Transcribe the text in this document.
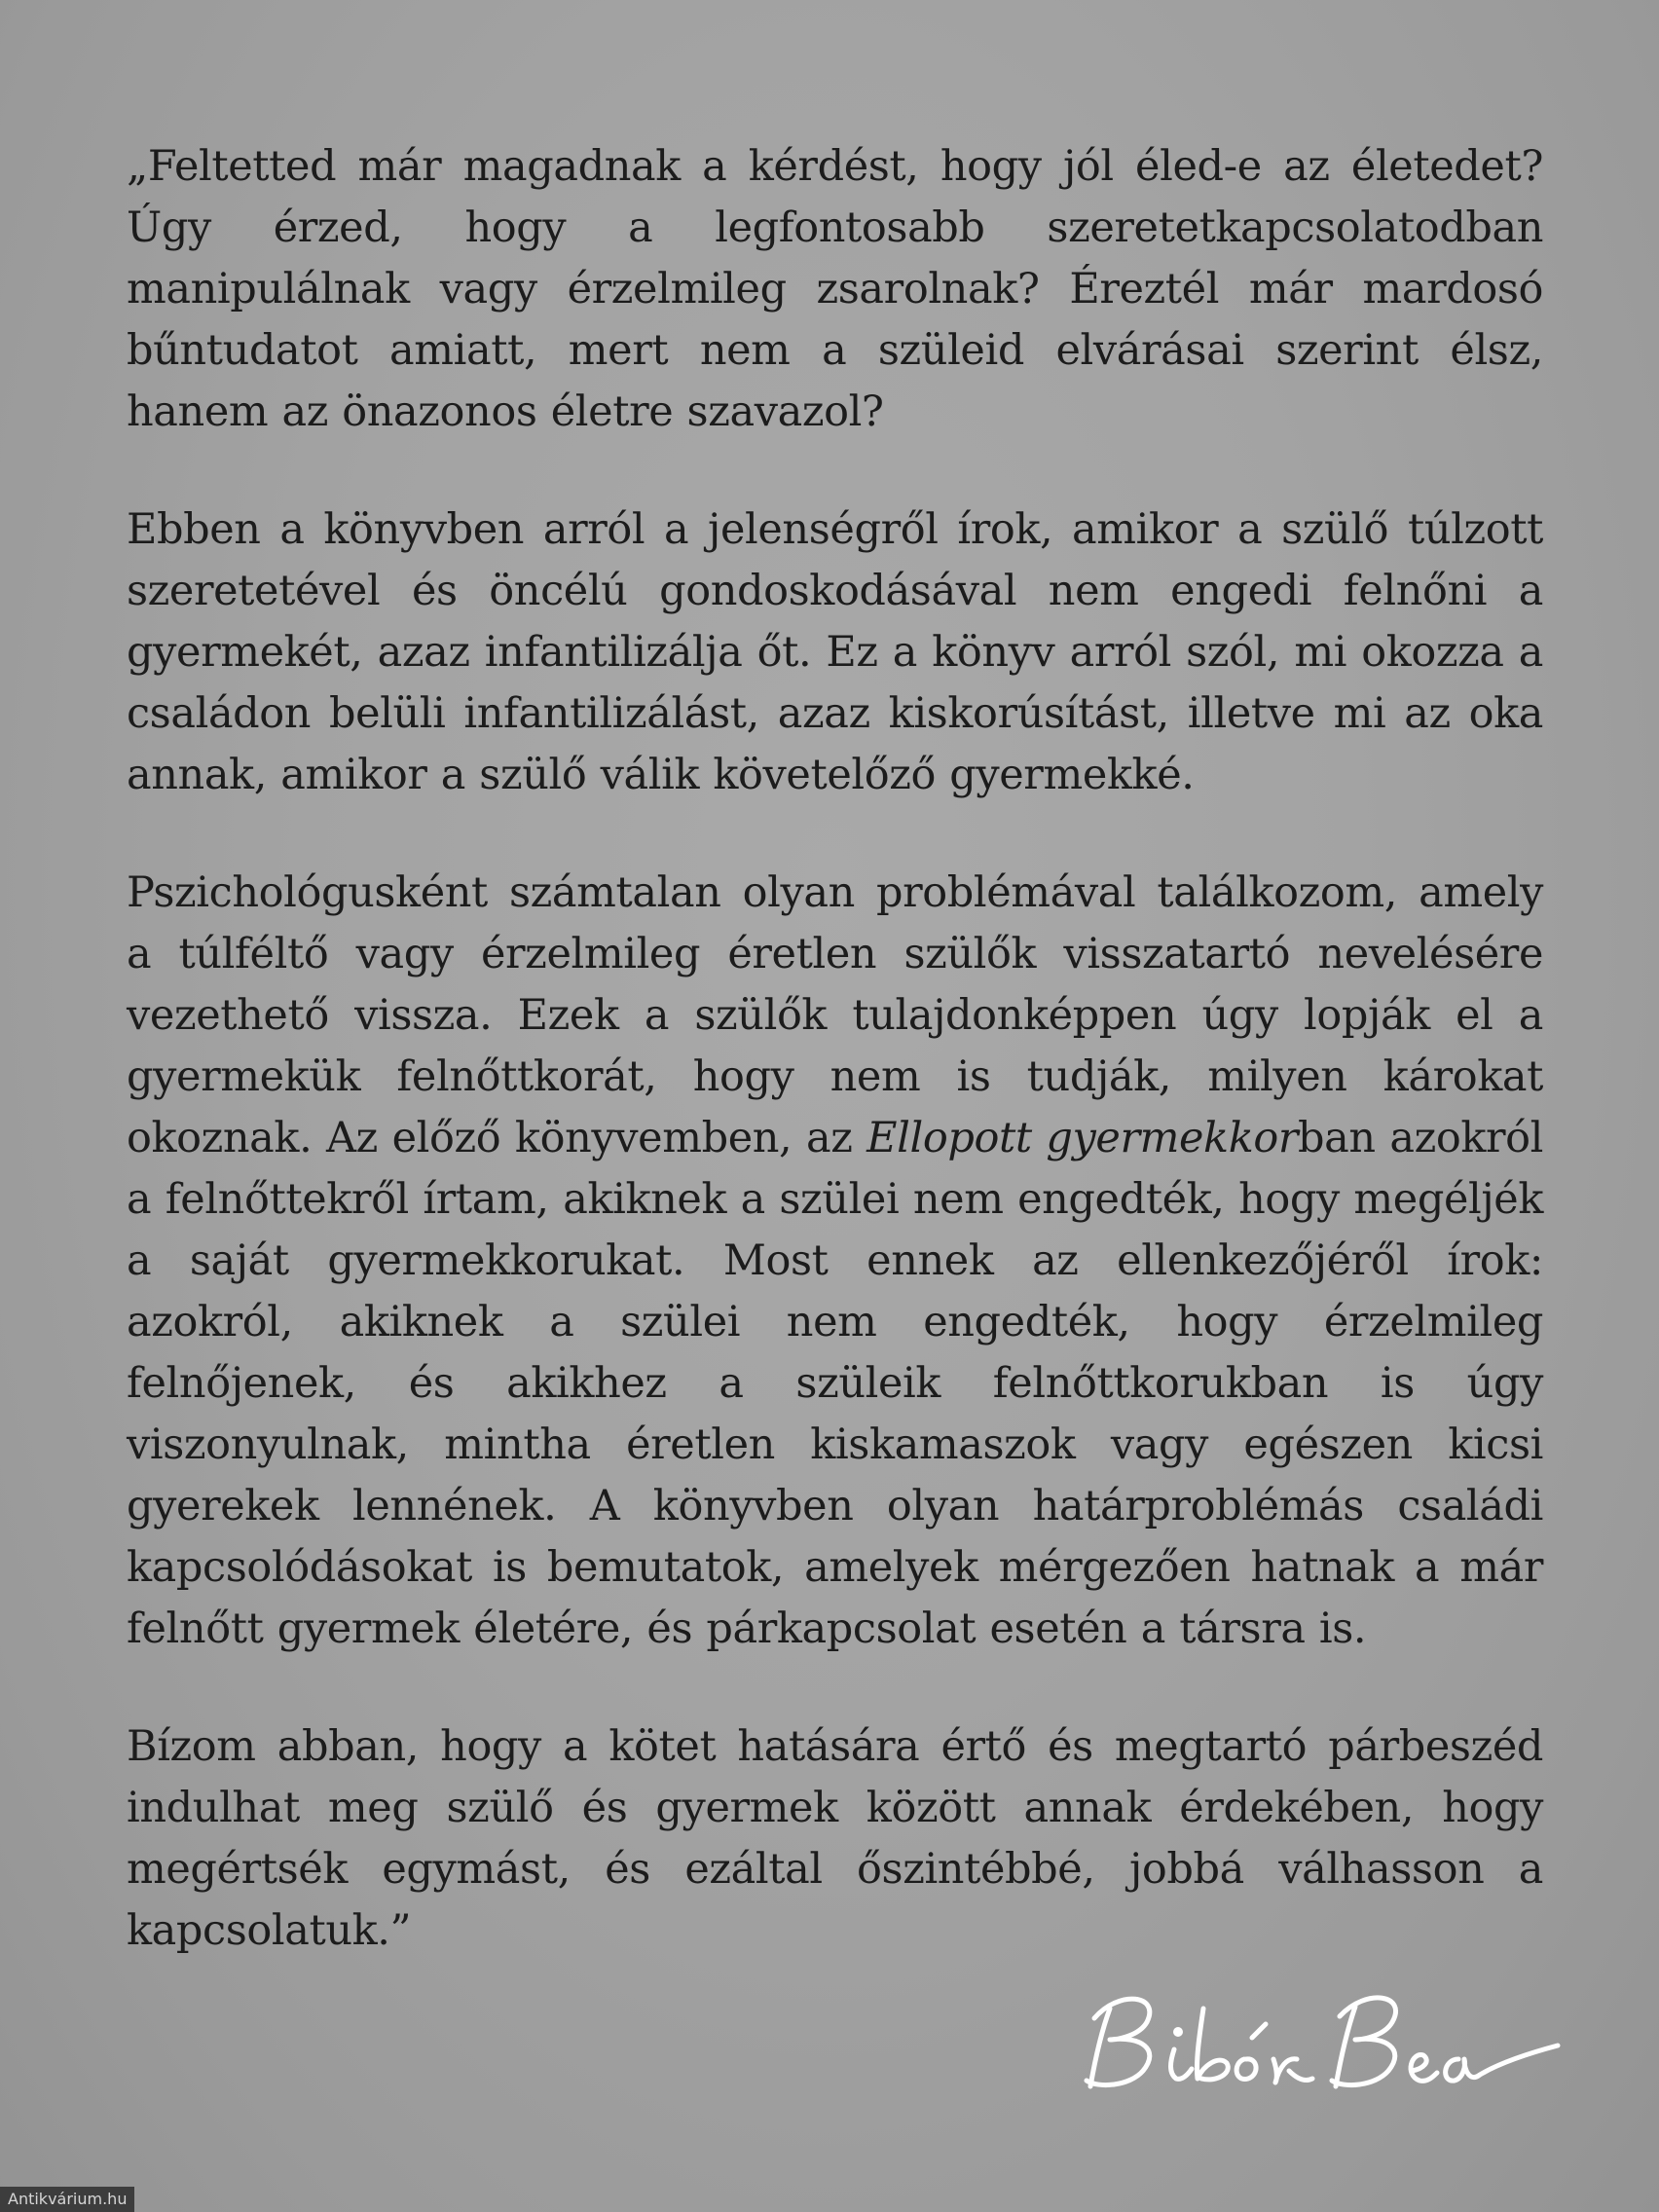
„Feltetted már magadnak a kérdést, hogy jól éled-e az életedet? Úgy érzed, hogy a legfontosabb szeretetkapcsolatodban manipulálnak vagy érzelmileg zsarolnak? Éreztél már mardosó bűntudatot amiatt, mert nem a szüleid elvárásai szerint élsz, hanem az önazonos életre szavazol?

Ebben a könyvben arról a jelenségről írok, amikor a szülő túlzott szeretetével és öncélú gondoskodásával nem engedi felnőni a gyermekét, azaz infantilizálja őt. Ez a könyv arról szól, mi okozza a családon belüli infantilizálást, azaz kiskorúsítást, illetve mi az oka annak, amikor a szülő válik követelőző gyermekké.

Pszichológusként számtalan olyan problémával találkozom, amely a túlféltő vagy érzelmileg éretlen szülők visszatartó nevelésére vezethető vissza. Ezek a szülők tulajdonképpen úgy lopják el a gyermekük felnőttkorát, hogy nem is tudják, milyen károkat okoznak. Az előző könyvemben, az Ellopott gyermekkorban azokról a felnőttekről írtam, akiknek a szülei nem engedték, hogy megéljék a saját gyermekkorukat. Most ennek az ellenkezőjéről írok: azokról, akiknek a szülei nem engedték, hogy érzelmileg felnőjenek, és akikhez a szüleik felnőttkorukban is úgy viszonyulnak, mintha éretlen kiskamaszok vagy egészen kicsi gyerekek lennének. A könyvben olyan határproblémás családi kapcsolódásokat is bemutatok, amelyek mérgezően hatnak a már felnőtt gyermek életére, és párkapcsolat esetén a társra is.

Bízom abban, hogy a kötet hatására értő és megtartó párbeszéd indulhat meg szülő és gyermek között annak érdekében, hogy megértsék egymást, és ezáltal őszintébbé, jobbá válhasson a kapcsolatuk.”

Antikvárium.hu
